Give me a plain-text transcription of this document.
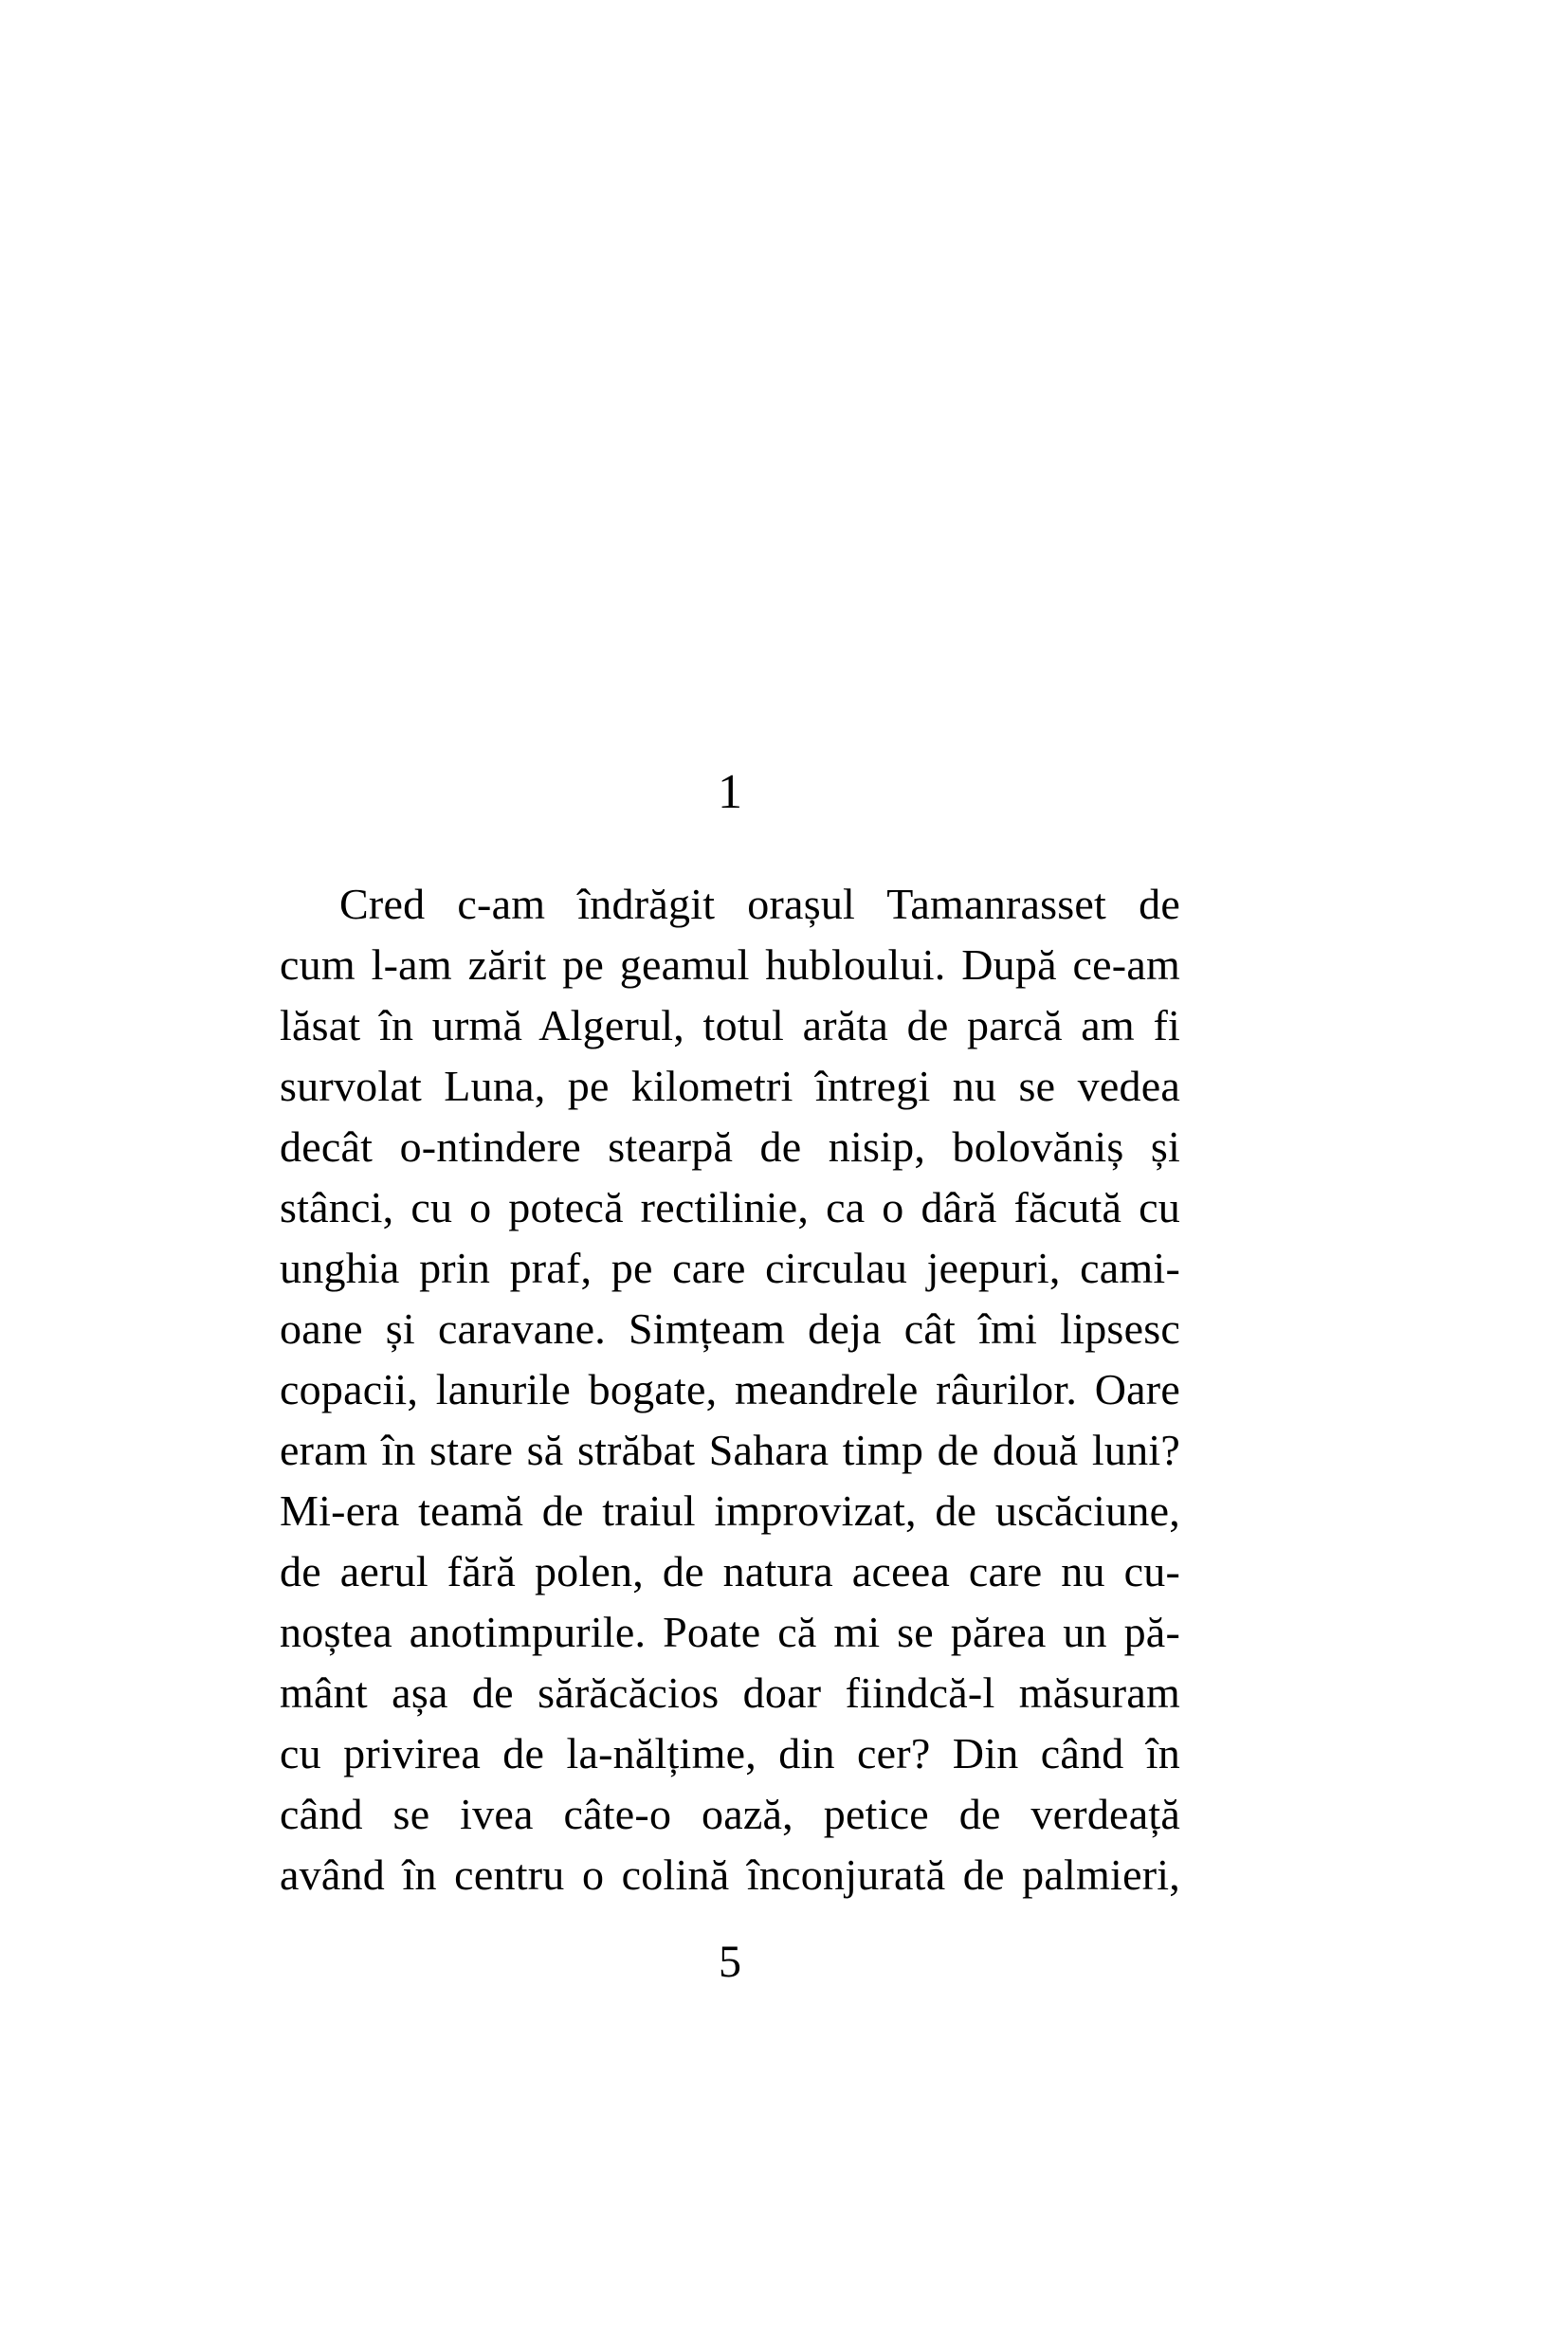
1
Cred c-am îndrăgit orașul Tamanrasset de
cum l-am zărit pe geamul hubloului. După ce-am
lăsat în urmă Algerul, totul arăta de parcă am fi
survolat Luna, pe kilometri întregi nu se vedea
decât o-ntindere stearpă de nisip, bolovăniș și
stânci, cu o potecă rectilinie, ca o dâră făcută cu
unghia prin praf, pe care circulau jeepuri, cami-
oane și caravane. Simțeam deja cât îmi lipsesc
copacii, lanurile bogate, meandrele râurilor. Oare
eram în stare să străbat Sahara timp de două luni?
Mi-era teamă de traiul improvizat, de uscăciune,
de aerul fără polen, de natura aceea care nu cu-
noștea anotimpurile. Poate că mi se părea un pă-
mânt așa de sărăcăcios doar fiindcă-l măsuram
cu privirea de la-nălțime, din cer? Din când în
când se ivea câte-o oază, petice de verdeață
având în centru o colină înconjurată de palmieri,
5
